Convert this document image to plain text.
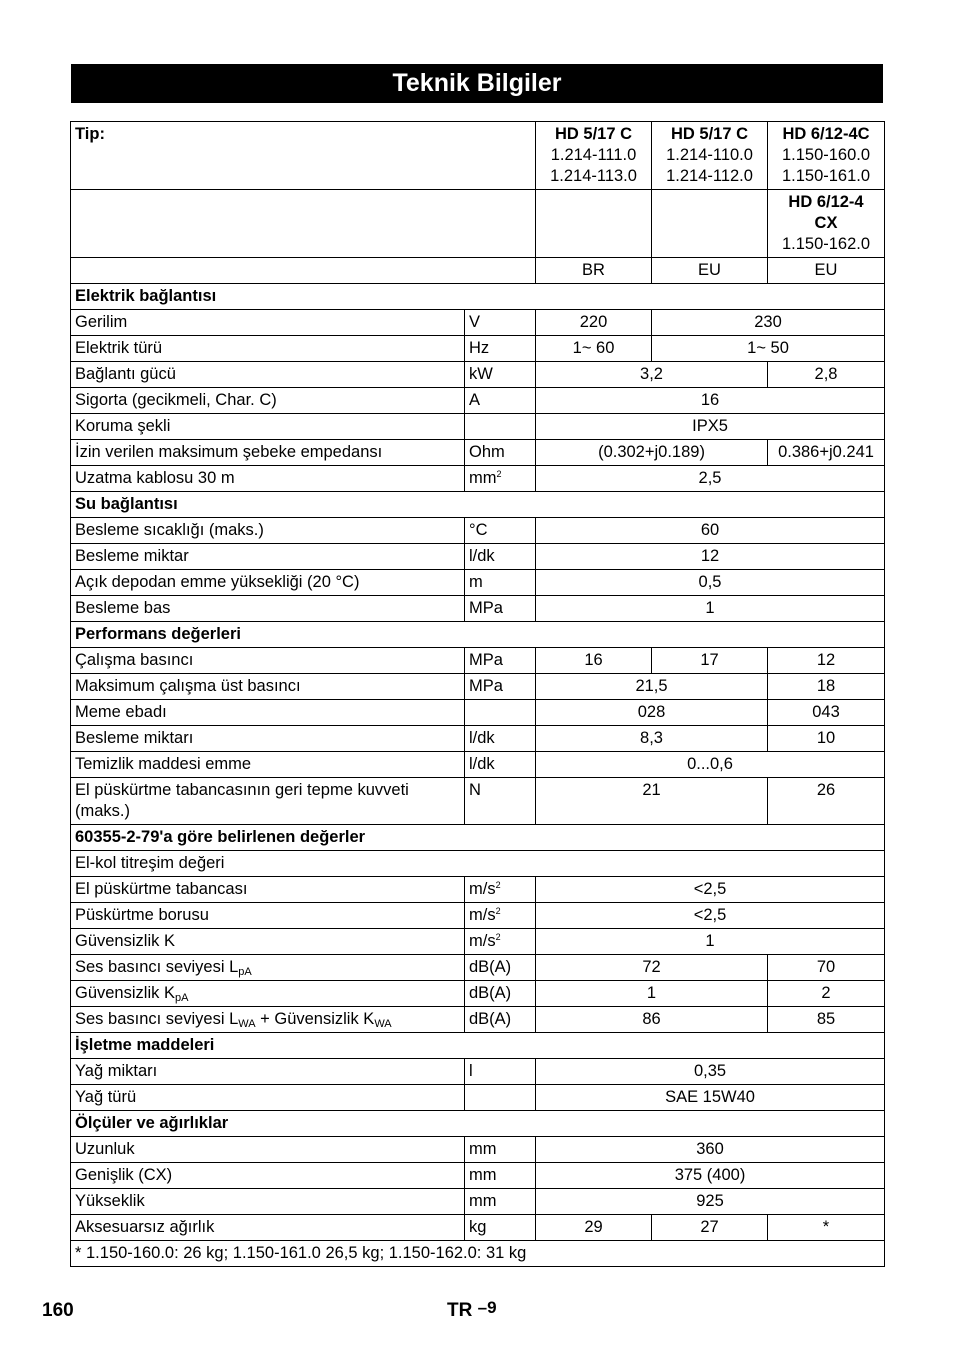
Teknik Bilgiler
Tip:		HD 5/17 C
1.214-111.0
1.214-113.0	HD 5/17 C
1.214-110.0
1.214-112.0	HD 6/12-4C
1.150-160.0
1.150-161.0

				HD 6/12-4
CX
1.150-162.0

		BR	EU	EU
Elektrik bağlantısı				
Gerilim	V	220	230	
Elektrik türü	Hz	1~ 60	1~ 50	
Bağlantı gücü	kW	3,2		2,8
Sigorta (gecikmeli, Char. C)	A	16		
Koruma şekli		IPX5		
İzin verilen maksimum şebeke empedansı	Ohm	(0.302+j0.189)		0.386+j0.241
Uzatma kablosu 30 m	$mm^2$	2,5		
Su bağlantısı				
Besleme sıcaklığı (maks.)	°C	60		
Besleme miktar	l/dk	12		
Açık depodan emme yüksekliği (20 °C)	m	0,5		
Besleme bas	MPa	1		
Performans değerleri				
Çalışma basıncı	MPa	16	17	12
Maksimum çalışma üst basıncı	MPa	21,5		18
Meme ebadı		028		043
Besleme miktarı	l/dk	8,3		10
Temizlik maddesi emme	l/dk	0...0,6		
El püskürtme tabancasının geri tepme kuvveti (maks.)	N	21		26
60355-2-79'a göre belirlenen değerler				
El-kol titreşim değeri				
El püskürtme tabancası	$m/s^2$	<2,5		
Püskürtme borusu	$m/s^2$	<2,5		
Güvensizlik K	$m/s^2$	1		
Ses basıncı seviyesi $L_{pA}$	dB(A)	72		70
Güvensizlik $K_{pA}$	dB(A)	1		2
Ses basıncı seviyesi $L_{WA}$ + Güvensizlik $K_{WA}$	dB(A)	86		85
İşletme maddeleri				
Yağ miktarı	l	0,35		
Yağ türü		SAE 15W40		
Ölçüler ve ağırlıklar				
Uzunluk	mm	360		
Genişlik (CX)	mm	375 (400)		
Yükseklik	mm	925		
Aksesuarsız ağırlık	kg	29	27	*
* 1.150-160.0: 26 kg; 1.150-161.0 26,5 kg; 1.150-162.0: 31 kg				
160	TR –9
